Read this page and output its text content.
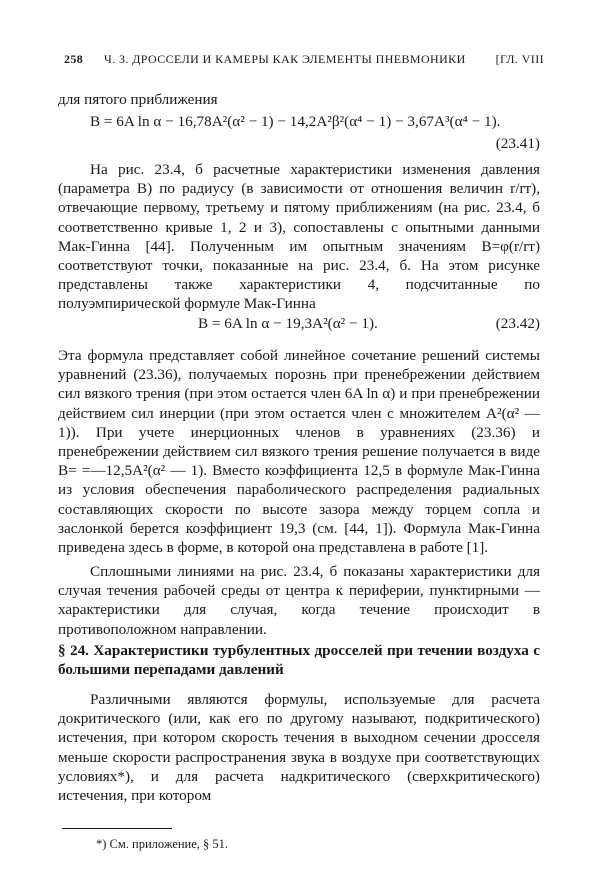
258 Ч. 3. ДРОССЕЛИ И КАМЕРЫ КАК ЭЛЕМЕНТЫ ПНЕВМОНИКИ [ГЛ. VIII

для пятого приближения

B = 6A ln α − 16,78A²(α² − 1) − 14,2A²β²(α⁴ − 1) − 3,67A³(α⁴ − 1).
(23.41)

На рис. 23.4, б расчетные характеристики изменения давления (параметра B) по радиусу (в зависимости от отношения величин r/rт), отвечающие первому, третьему и пятому приближениям (на рис. 23.4, б соответственно кривые 1, 2 и 3), сопоставлены с опытными данными Мак-Гинна [44]. Полученным им опытным значениям B=φ(r/rт) соответствуют точки, показанные на рис. 23.4, б. На этом рисунке представлены также характеристики 4, подсчитанные по полуэмпирической формуле Мак-Гинна

B = 6A ln α − 19,3A²(α² − 1).	(23.42)

Эта формула представляет собой линейное сочетание решений системы уравнений (23.36), получаемых порознь при пренебрежении действием сил вязкого трения (при этом остается член 6A ln α) и при пренебрежении действием сил инерции (при этом остается член с множителем A²(α² — 1)). При учете инерционных членов в уравнениях (23.36) и пренебрежении действием сил вязкого трения решение получается в виде B= =—12,5A²(α² — 1). Вместо коэффициента 12,5 в формуле Мак-Гинна из условия обеспечения параболического распределения радиальных составляющих скорости по высоте зазора между торцем сопла и заслонкой берется коэффициент 19,3 (см. [44, 1]). Формула Мак-Гинна приведена здесь в форме, в которой она представлена в работе [1].

Сплошными линиями на рис. 23.4, б показаны характеристики для случая течения рабочей среды от центра к периферии, пунктирными — характеристики для случая, когда течение происходит в противоположном направлении.

§ 24. Характеристики турбулентных дросселей при течении воздуха с большими перепадами давлений

Различными являются формулы, используемые для расчета докритического (или, как его по другому называют, подкритического) истечения, при котором скорость течения в выходном сечении дросселя меньше скорости распространения звука в воздухе при соответствующих условиях*), и для расчета надкритического (сверхкритического) истечения, при котором

*) См. приложение, § 51.
